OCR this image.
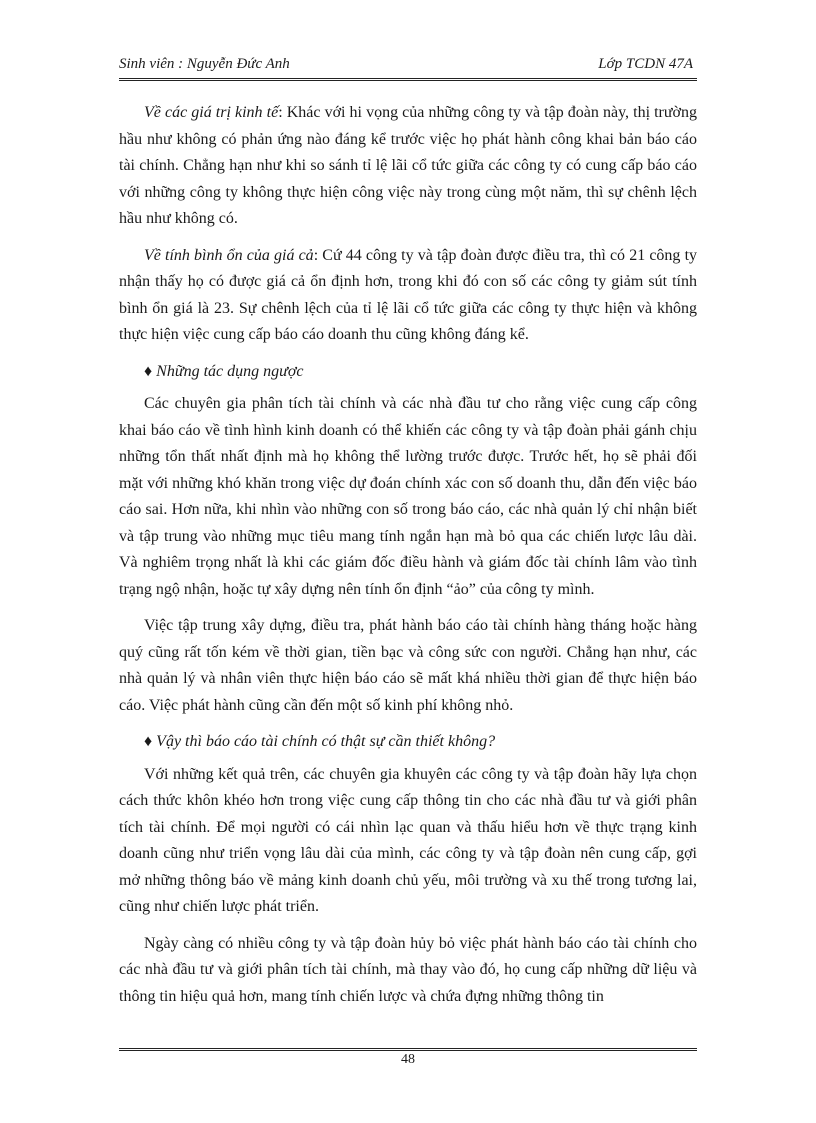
Sinh viên : Nguyễn Đức Anh	Lớp TCDN 47A

Về các giá trị kinh tế: Khác với hi vọng của những công ty và tập đoàn này, thị trường hầu như không có phản ứng nào đáng kể trước việc họ phát hành công khai bản báo cáo tài chính. Chẳng hạn như khi so sánh tỉ lệ lãi cổ tức giữa các công ty có cung cấp báo cáo với những công ty không thực hiện công việc này trong cùng một năm, thì sự chênh lệch hầu như không có.

Về tính bình ổn của giá cả: Cứ 44 công ty và tập đoàn được điều tra, thì có 21 công ty nhận thấy họ có được giá cả ổn định hơn, trong khi đó con số các công ty giảm sút tính bình ổn giá là 23. Sự chênh lệch của tỉ lệ lãi cổ tức giữa các công ty thực hiện và không thực hiện việc cung cấp báo cáo doanh thu cũng không đáng kể.

♦ Những tác dụng ngược

Các chuyên gia phân tích tài chính và các nhà đầu tư cho rằng việc cung cấp công khai báo cáo về tình hình kinh doanh có thể khiến các công ty và tập đoàn phải gánh chịu những tổn thất nhất định mà họ không thể lường trước được. Trước hết, họ sẽ phải đối mặt với những khó khăn trong việc dự đoán chính xác con số doanh thu, dẫn đến việc báo cáo sai. Hơn nữa, khi nhìn vào những con số trong báo cáo, các nhà quản lý chỉ nhận biết và tập trung vào những mục tiêu mang tính ngắn hạn mà bỏ qua các chiến lược lâu dài. Và nghiêm trọng nhất là khi các giám đốc điều hành và giám đốc tài chính lâm vào tình trạng ngộ nhận, hoặc tự xây dựng nên tính ổn định “ảo” của công ty mình.

Việc tập trung xây dựng, điều tra, phát hành báo cáo tài chính hàng tháng hoặc hàng quý cũng rất tốn kém về thời gian, tiền bạc và công sức con người. Chẳng hạn như, các nhà quản lý và nhân viên thực hiện báo cáo sẽ mất khá nhiều thời gian để thực hiện báo cáo. Việc phát hành cũng cần đến một số kinh phí không nhỏ.

♦ Vậy thì báo cáo tài chính có thật sự cần thiết không?

Với những kết quả trên, các chuyên gia khuyên các công ty và tập đoàn hãy lựa chọn cách thức khôn khéo hơn trong việc cung cấp thông tin cho các nhà đầu tư và giới phân tích tài chính. Để mọi người có cái nhìn lạc quan và thấu hiểu hơn về thực trạng kinh doanh cũng như triển vọng lâu dài của mình, các công ty và tập đoàn nên cung cấp, gợi mở những thông báo về mảng kinh doanh chủ yếu, môi trường và xu thế trong tương lai, cũng như chiến lược phát triển.

Ngày càng có nhiều công ty và tập đoàn hủy bỏ việc phát hành báo cáo tài chính cho các nhà đầu tư và giới phân tích tài chính, mà thay vào đó, họ cung cấp những dữ liệu và thông tin hiệu quả hơn, mang tính chiến lược và chứa đựng những thông tin

48
